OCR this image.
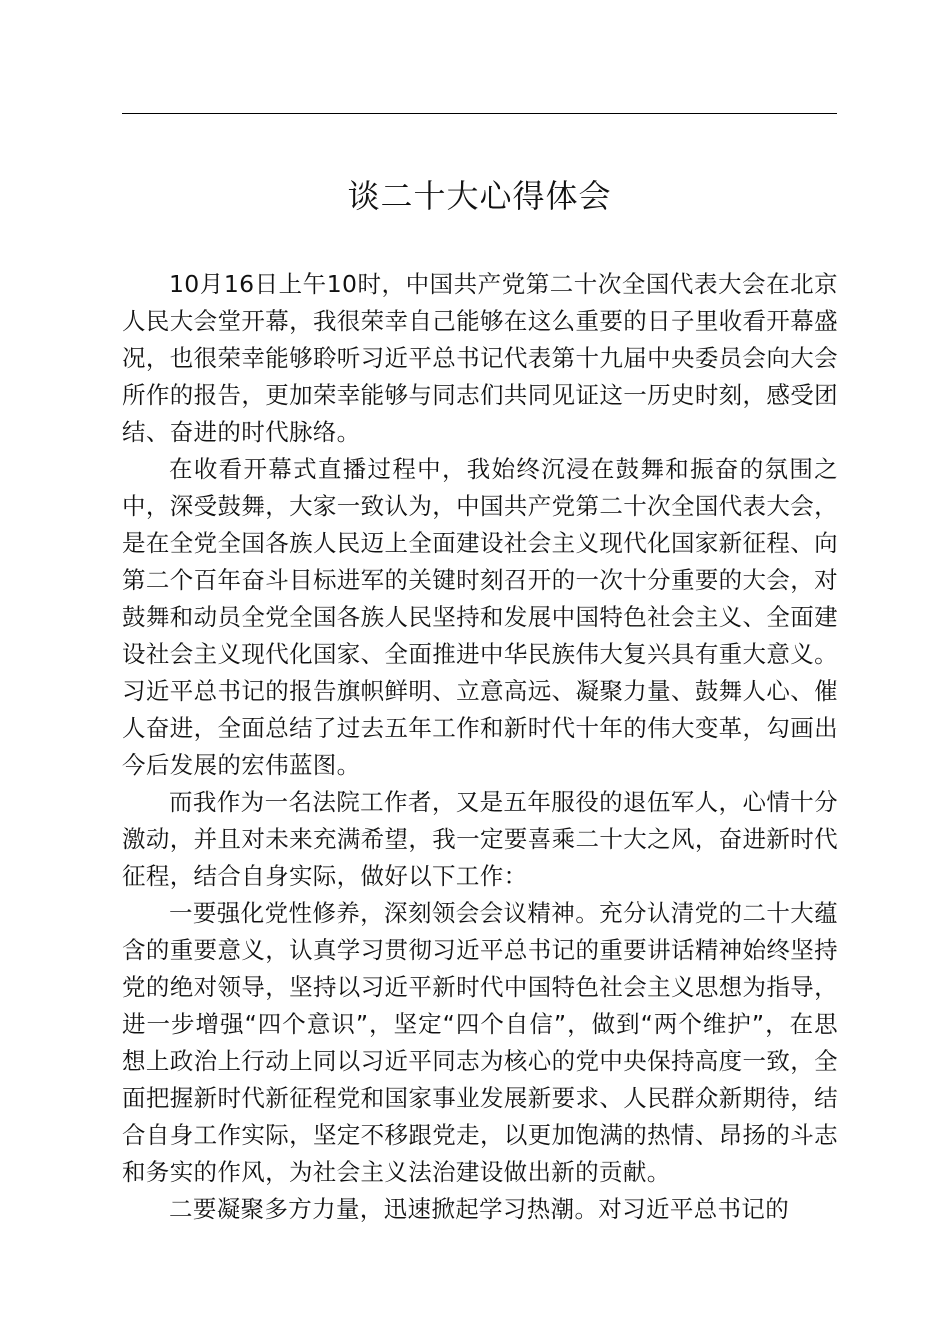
谈二十大心得体会

10月16日上午10时，中国共产党第二十次全国代表大会在北京人民大会堂开幕，我很荣幸自己能够在这么重要的日子里收看开幕盛况，也很荣幸能够聆听习近平总书记代表第十九届中央委员会向大会所作的报告，更加荣幸能够与同志们共同见证这一历史时刻，感受团结、奋进的时代脉络。

在收看开幕式直播过程中，我始终沉浸在鼓舞和振奋的氛围之中，深受鼓舞，大家一致认为，中国共产党第二十次全国代表大会，是在全党全国各族人民迈上全面建设社会主义现代化国家新征程、向第二个百年奋斗目标进军的关键时刻召开的一次十分重要的大会，对鼓舞和动员全党全国各族人民坚持和发展中国特色社会主义、全面建设社会主义现代化国家、全面推进中华民族伟大复兴具有重大意义。习近平总书记的报告旗帜鲜明、立意高远、凝聚力量、鼓舞人心、催人奋进，全面总结了过去五年工作和新时代十年的伟大变革，勾画出今后发展的宏伟蓝图。

而我作为一名法院工作者，又是五年服役的退伍军人，心情十分激动，并且对未来充满希望，我一定要喜乘二十大之风，奋进新时代征程，结合自身实际，做好以下工作：

一要强化党性修养，深刻领会会议精神。充分认清党的二十大蕴含的重要意义，认真学习贯彻习近平总书记的重要讲话精神始终坚持党的绝对领导，坚持以习近平新时代中国特色社会主义思想为指导，进一步增强“四个意识”，坚定“四个自信”，做到“两个维护”，在思想上政治上行动上同以习近平同志为核心的党中央保持高度一致，全面把握新时代新征程党和国家事业发展新要求、人民群众新期待，结合自身工作实际，坚定不移跟党走，以更加饱满的热情、昂扬的斗志和务实的作风，为社会主义法治建设做出新的贡献。

二要凝聚多方力量，迅速掀起学习热潮。对习近平总书记的
